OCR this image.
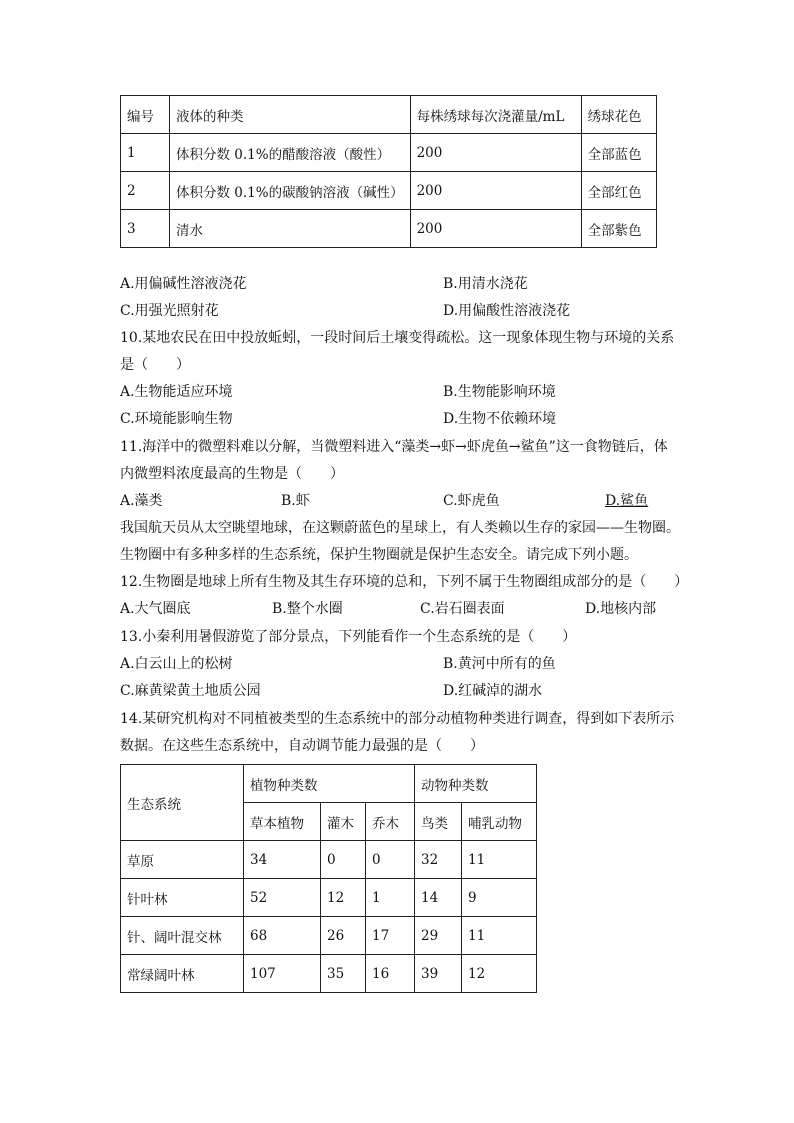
编号	液体的种类	每株绣球每次浇灌量/mL	绣球花色
1	体积分数 0.1%的醋酸溶液（酸性）	200	全部蓝色
2	体积分数 0.1%的碳酸钠溶液（碱性）	200	全部红色
3	清水	200	全部紫色
A.用偏碱性溶液浇花	B.用清水浇花
C.用强光照射花	D.用偏酸性溶液浇花
10.某地农民在田中投放蚯蚓，一段时间后土壤变得疏松。这一现象体现生物与环境的关系
是（　　）
A.生物能适应环境	B.生物能影响环境
C.环境能影响生物	D.生物不依赖环境
11.海洋中的微塑料难以分解，当微塑料进入“藻类→虾→虾虎鱼→鲨鱼”这一食物链后，体
内微塑料浓度最高的生物是（　　）
A.藻类	B.虾	C.虾虎鱼	D.鲨鱼
我国航天员从太空眺望地球，在这颗蔚蓝色的星球上，有人类赖以生存的家园——生物圈。
生物圈中有多种多样的生态系统，保护生物圈就是保护生态安全。请完成下列小题。
12.生物圈是地球上所有生物及其生存环境的总和，下列不属于生物圈组成部分的是（　　）
A.大气圈底	B.整个水圈	C.岩石圈表面	D.地核内部
13.小秦利用暑假游览了部分景点，下列能看作一个生态系统的是（　　）
A.白云山上的松树	B.黄河中所有的鱼
C.麻黄梁黄土地质公园	D.红碱淖的湖水
14.某研究机构对不同植被类型的生态系统中的部分动植物种类进行调查，得到如下表所示
数据。在这些生态系统中，自动调节能力最强的是（　　）
生态系统	植物种类数			动物种类数	
	草本植物	灌木	乔木	鸟类	哺乳动物
草原	34	0	0	32	11
针叶林	52	12	1	14	9
针、阔叶混交林	68	26	17	29	11
常绿阔叶林	107	35	16	39	12
